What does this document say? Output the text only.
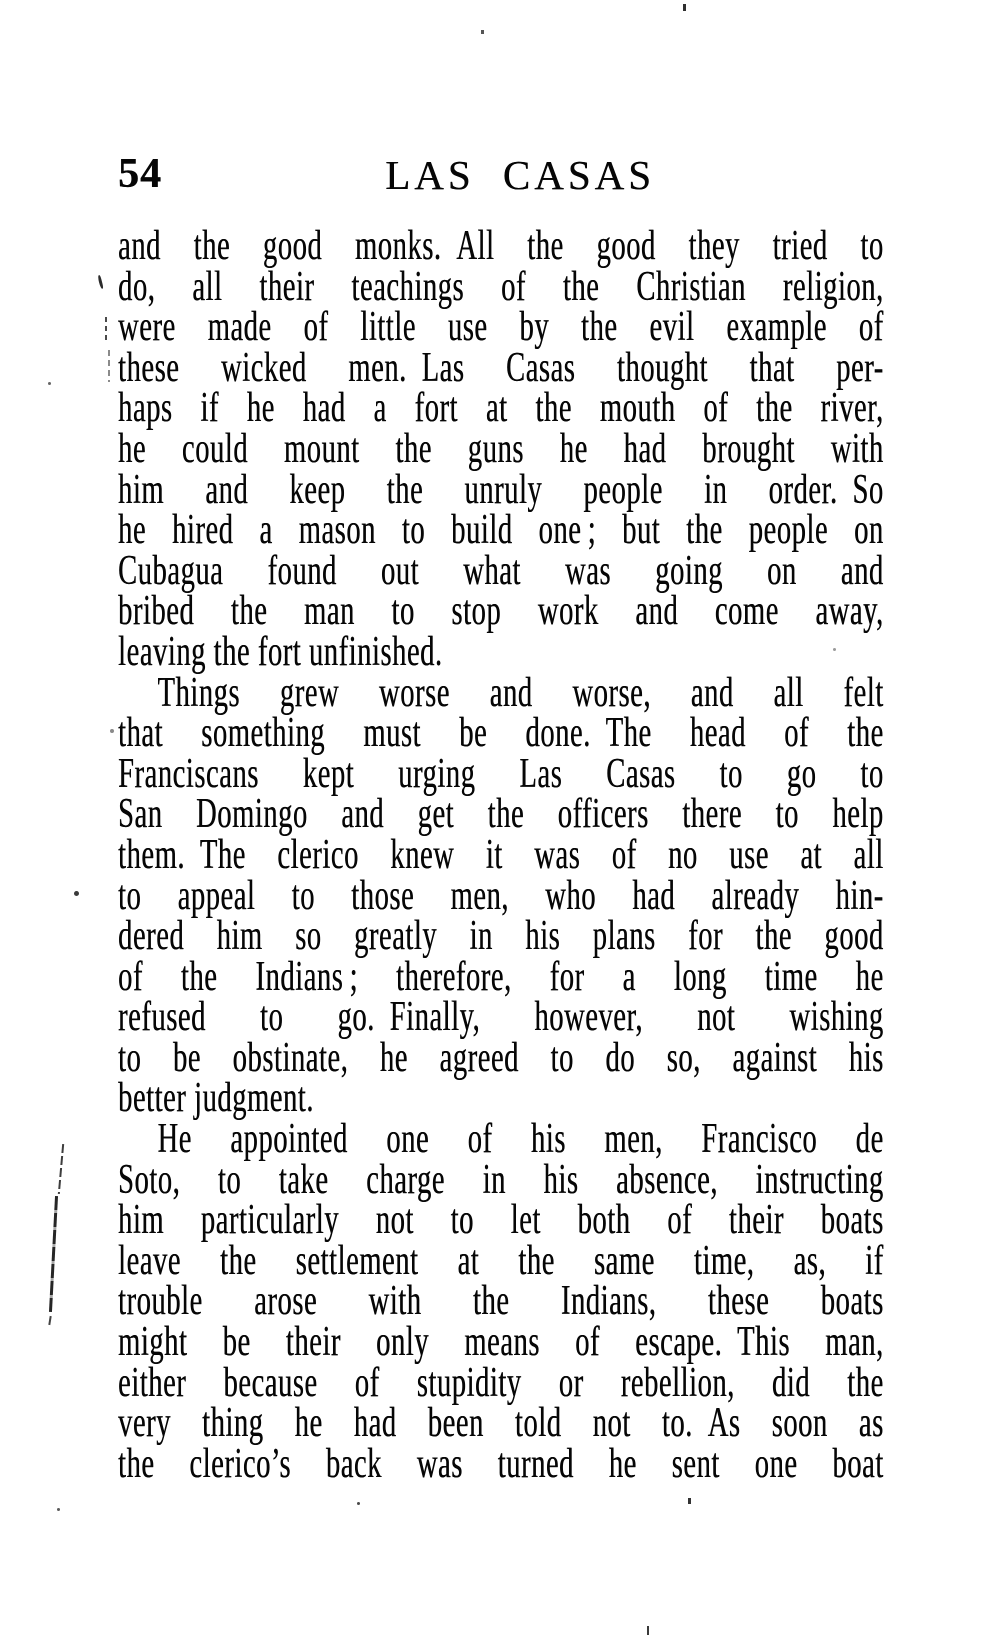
54	LAS CASAS
and the good monks. All the good they tried to
do, all their teachings of the Christian religion,
were made of little use by the evil example of
these wicked men. Las Casas thought that per-
haps if he had a fort at the mouth of the river,
he could mount the guns he had brought with
him and keep the unruly people in order. So
he hired a mason to build one ; but the people on
Cubagua found out what was going on and
bribed the man to stop work and come away,
leaving the fort unfinished.
Things grew worse and worse, and all felt
that something must be done. The head of the
Franciscans kept urging Las Casas to go to
San Domingo and get the officers there to help
them. The clerico knew it was of no use at all
to appeal to those men, who had already hin-
dered him so greatly in his plans for the good
of the Indians ; therefore, for a long time he
refused to go. Finally, however, not wishing
to be obstinate, he agreed to do so, against his
better judgment.
He appointed one of his men, Francisco de
Soto, to take charge in his absence, instructing
him particularly not to let both of their boats
leave the settlement at the same time, as, if
trouble arose with the Indians, these boats
might be their only means of escape. This man,
either because of stupidity or rebellion, did the
very thing he had been told not to. As soon as
the clerico’s back was turned he sent one boat
